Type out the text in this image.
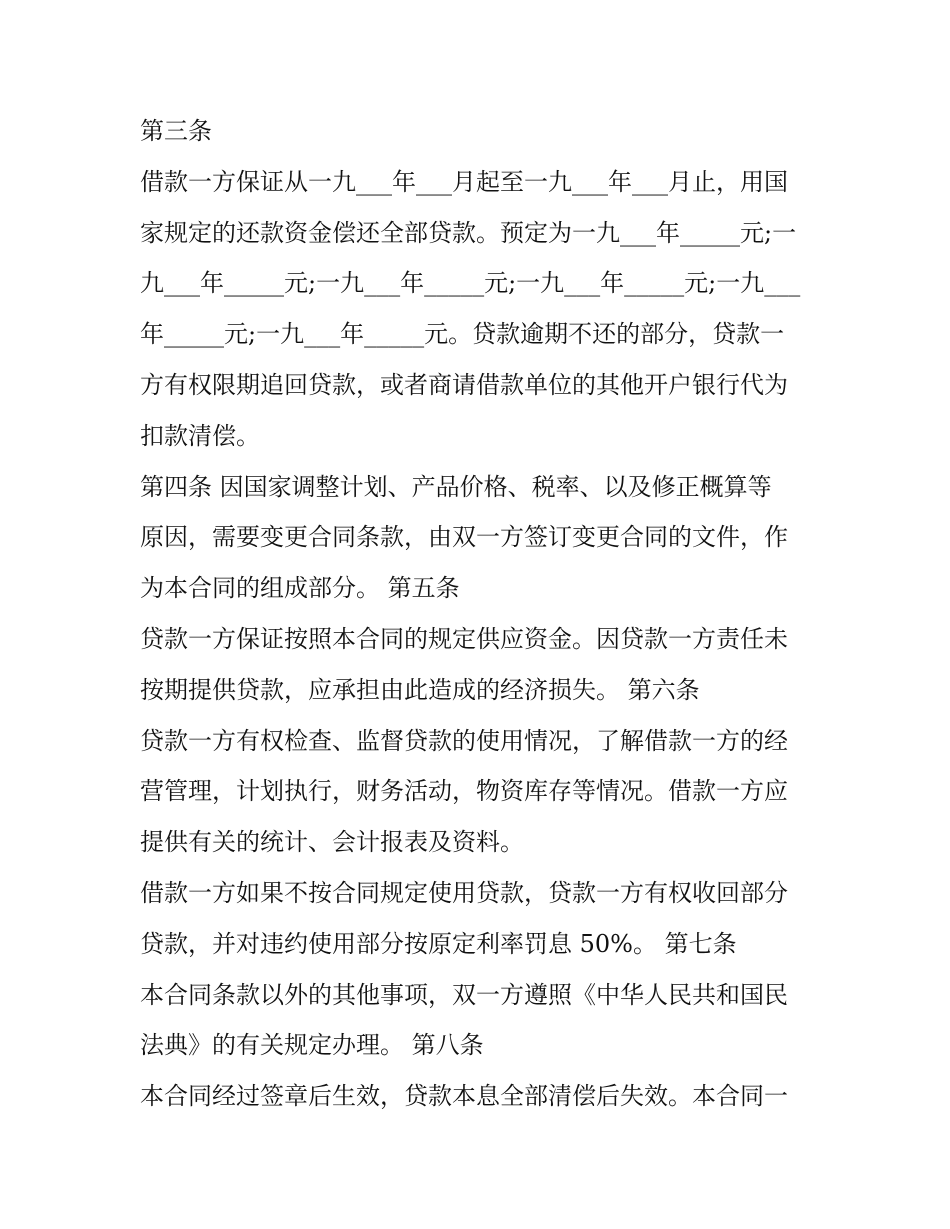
第三条
借款一方保证从一九___年___月起至一九___年___月止，用国
家规定的还款资金偿还全部贷款。预定为一九___年_____元;一
九___年_____元;一九___年_____元;一九___年_____元;一九___
年_____元;一九___年_____元。贷款逾期不还的部分，贷款一
方有权限期追回贷款，或者商请借款单位的其他开户银行代为
扣款清偿。
第四条 因国家调整计划、产品价格、税率、以及修正概算等
原因，需要变更合同条款，由双一方签订变更合同的文件，作
为本合同的组成部分。 第五条
贷款一方保证按照本合同的规定供应资金。因贷款一方责任未
按期提供贷款，应承担由此造成的经济损失。 第六条
贷款一方有权检查、监督贷款的使用情况，了解借款一方的经
营管理，计划执行，财务活动，物资库存等情况。借款一方应
提供有关的统计、会计报表及资料。
借款一方如果不按合同规定使用贷款，贷款一方有权收回部分
贷款，并对违约使用部分按原定利率罚息 50%。 第七条
本合同条款以外的其他事项，双一方遵照《中华人民共和国民
法典》的有关规定办理。 第八条
本合同经过签章后生效，贷款本息全部清偿后失效。本合同一
